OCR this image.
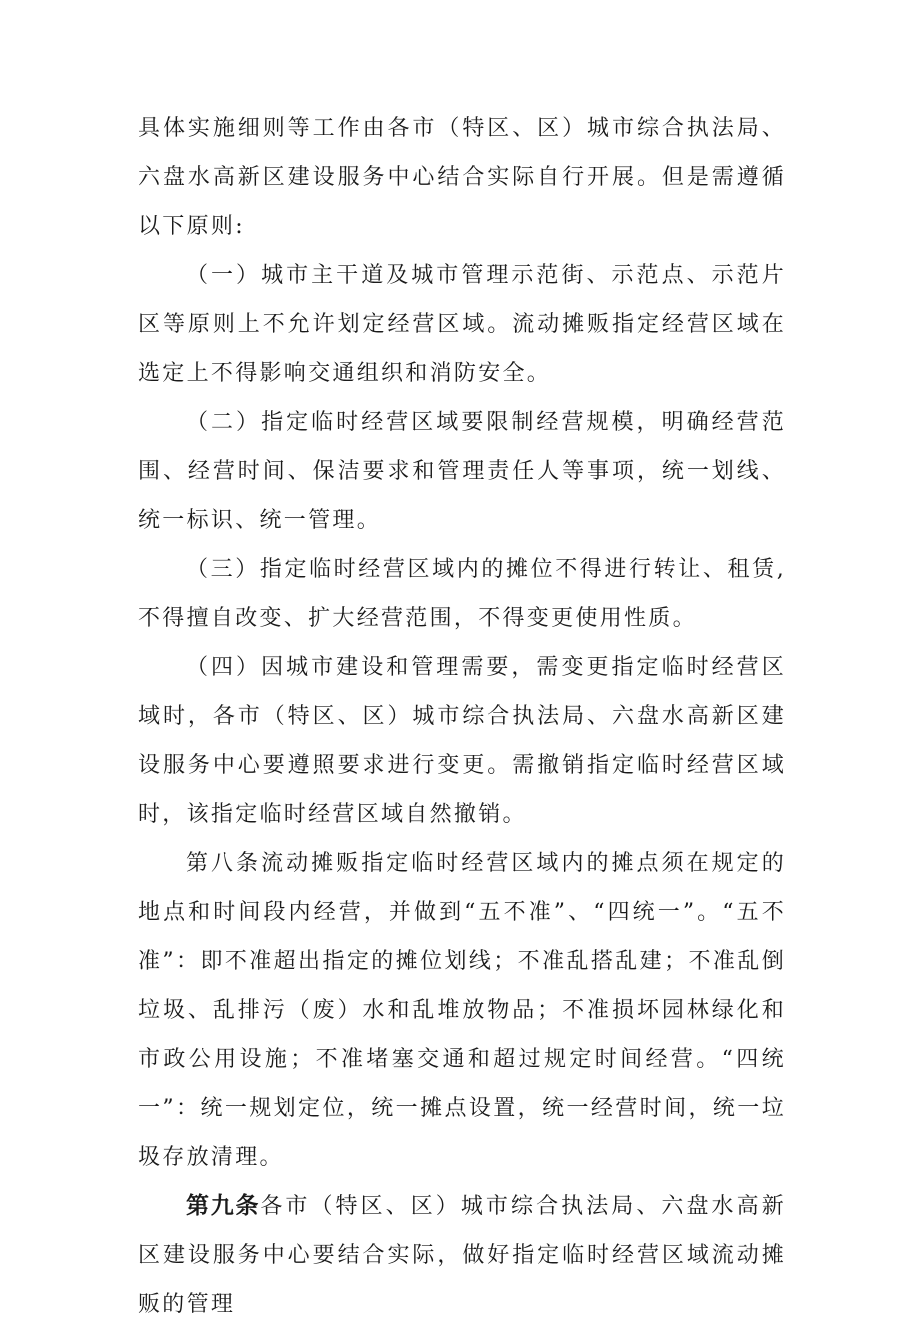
具体实施细则等工作由各市（特区、区）城市综合执法局、六盘水高新区建设服务中心结合实际自行开展。但是需遵循以下原则:

（一）城市主干道及城市管理示范街、示范点、示范片区等原则上不允许划定经营区域。流动摊贩指定经营区域在选定上不得影响交通组织和消防安全。

（二）指定临时经营区域要限制经营规模，明确经营范围、经营时间、保洁要求和管理责任人等事项，统一划线、统一标识、统一管理。

（三）指定临时经营区域内的摊位不得进行转让、租赁,不得擅自改变、扩大经营范围，不得变更使用性质。

（四）因城市建设和管理需要，需变更指定临时经营区域时，各市（特区、区）城市综合执法局、六盘水高新区建设服务中心要遵照要求进行变更。需撤销指定临时经营区域时，该指定临时经营区域自然撤销。

第八条流动摊贩指定临时经营区域内的摊点须在规定的地点和时间段内经营，并做到“五不准”、“四统一”。“五不准”：即不准超出指定的摊位划线；不准乱搭乱建；不准乱倒垃圾、乱排污（废）水和乱堆放物品；不准损坏园林绿化和市政公用设施；不准堵塞交通和超过规定时间经营。“四统一”：统一规划定位，统一摊点设置，统一经营时间，统一垃圾存放清理。

第九条各市（特区、区）城市综合执法局、六盘水高新区建设服务中心要结合实际，做好指定临时经营区域流动摊贩的管理
